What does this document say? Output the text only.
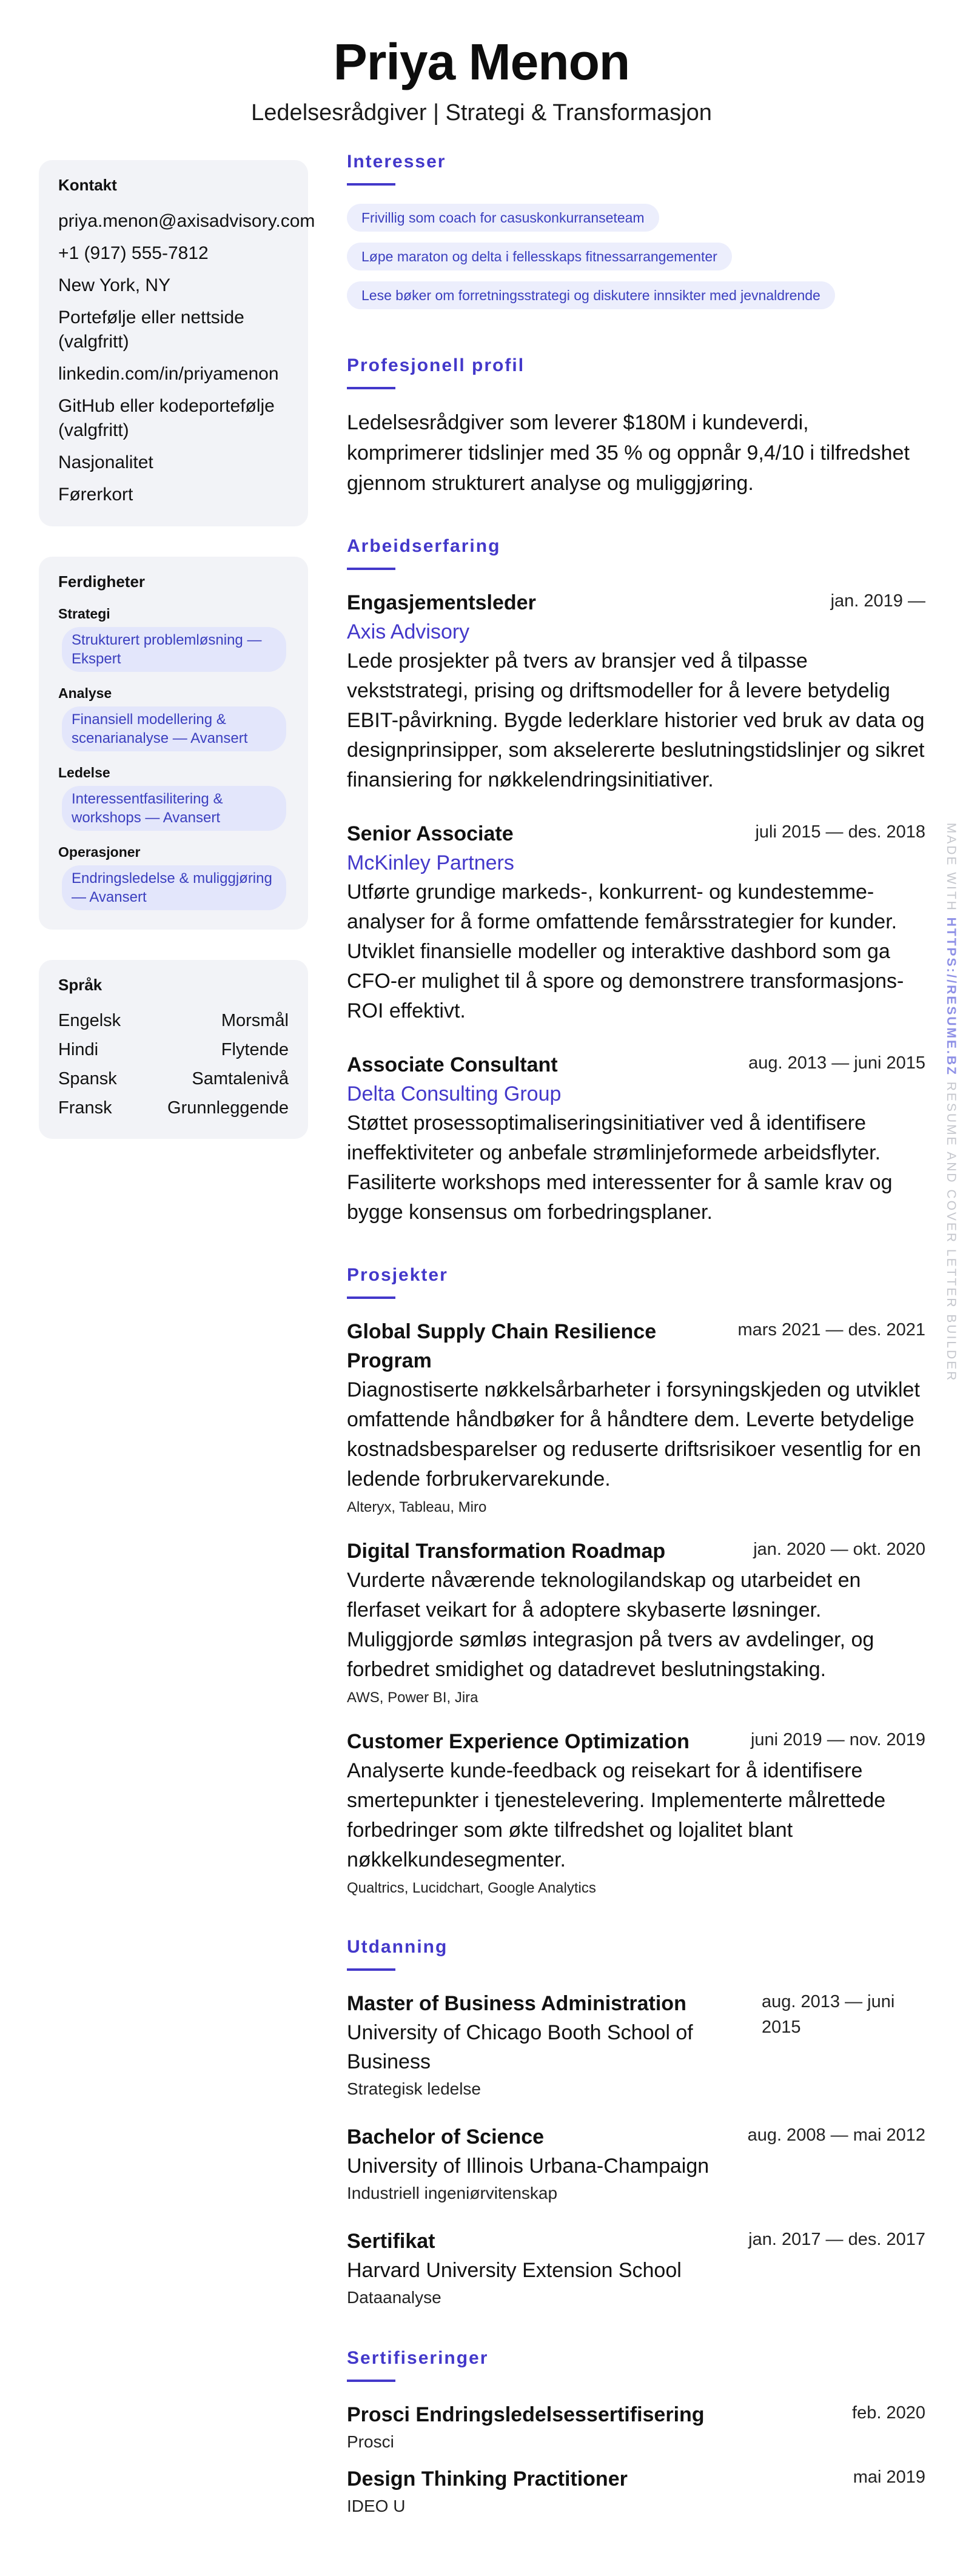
Priya Menon
Ledelsesrådgiver | Strategi & Transformasjon
Kontakt
priya.menon@axisadvisory.com
+1 (917) 555-7812
New York, NY
Portefølje eller nettside (valgfritt)
linkedin.com/in/priyamenon
GitHub eller kodeportefølje (valgfritt)
Nasjonalitet
Førerkort
Ferdigheter
Strategi
Strukturert problemløsning — Ekspert
Analyse
Finansiell modellering & scenarianalyse — Avansert
Ledelse
Interessentfasilitering & workshops — Avansert
Operasjoner
Endringsledelse & muliggjøring — Avansert
Språk
Engelsk	Morsmål
Hindi	Flytende
Spansk	Samtalenivå
Fransk	Grunnleggende
Interesser
Frivillig som coach for casuskonkurranseteam
Løpe maraton og delta i fellesskaps fitnessarrangementer
Lese bøker om forretningsstrategi og diskutere innsikter med jevnaldrende
Profesjonell profil
Ledelsesrådgiver som leverer $180M i kundeverdi, komprimerer tidslinjer med 35 % og oppnår 9,4/10 i tilfredshet gjennom strukturert analyse og muliggjøring.
Arbeidserfaring
Engasjementsleder	jan. 2019 —
Axis Advisory
Lede prosjekter på tvers av bransjer ved å tilpasse vekststrategi, prising og driftsmodeller for å levere betydelig EBIT-påvirkning. Bygde lederklare historier ved bruk av data og designprinsipper, som akselererte beslutningstidslinjer og sikret finansiering for nøkkelendringsinitiativer.
Senior Associate	juli 2015 — des. 2018
McKinley Partners
Utførte grundige markeds-, konkurrent- og kundestemme-analyser for å forme omfattende femårsstrategier for kunder. Utviklet finansielle modeller og interaktive dashbord som ga CFO-er mulighet til å spore og demonstrere transformasjons-ROI effektivt.
Associate Consultant	aug. 2013 — juni 2015
Delta Consulting Group
Støttet prosessoptimaliseringsinitiativer ved å identifisere ineffektiviteter og anbefale strømlinjeformede arbeidsflyter. Fasiliterte workshops med interessenter for å samle krav og bygge konsensus om forbedringsplaner.
Prosjekter
Global Supply Chain Resilience Program
mars 2021 — des. 2021
Diagnostiserte nøkkelsårbarheter i forsyningskjeden og utviklet omfattende håndbøker for å håndtere dem. Leverte betydelige kostnadsbesparelser og reduserte driftsrisikoer vesentlig for en ledende forbrukervarekunde.
Alteryx, Tableau, Miro
Digital Transformation Roadmap	jan. 2020 — okt. 2020
Vurderte nåværende teknologilandskap og utarbeidet en flerfaset veikart for å adoptere skybaserte løsninger. Muliggjorde sømløs integrasjon på tvers av avdelinger, og forbedret smidighet og datadrevet beslutningstaking.
AWS, Power BI, Jira
Customer Experience Optimization	juni 2019 — nov. 2019
Analyserte kunde-feedback og reisekart for å identifisere smertepunkter i tjenestelevering. Implementerte målrettede forbedringer som økte tilfredshet og lojalitet blant nøkkelkundesegmenter.
Qualtrics, Lucidchart, Google Analytics
Utdanning
Master of Business Administration
University of Chicago Booth School of Business
Strategisk ledelse
aug. 2013 — juni 2015
Bachelor of Science	aug. 2008 — mai 2012
University of Illinois Urbana-Champaign
Industriell ingeniørvitenskap
Sertifikat	jan. 2017 — des. 2017
Harvard University Extension School
Dataanalyse
Sertifiseringer
Prosci Endringsledelsessertifisering	feb. 2020
Prosci
Design Thinking Practitioner	mai 2019
IDEO U
MADE WITH HTTPS://RESUME.BZ RESUME AND COVER LETTER BUILDER
